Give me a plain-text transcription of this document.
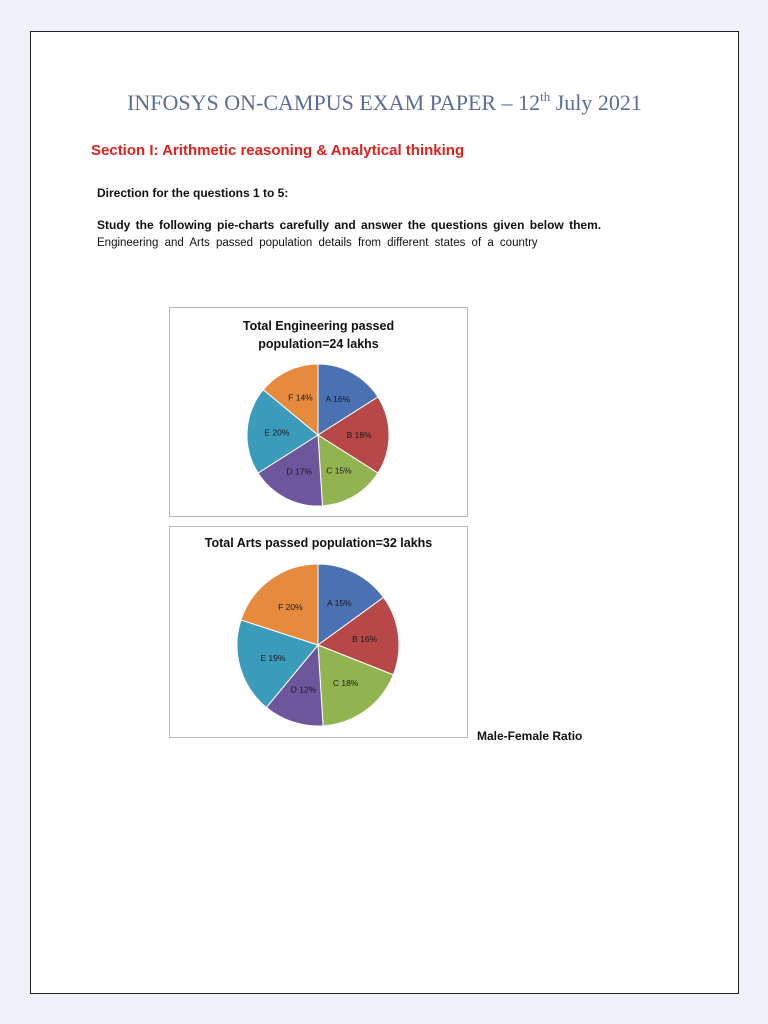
INFOSYS ON-CAMPUS EXAM PAPER – 12th July 2021
Section I: Arithmetic reasoning & Analytical thinking
Direction for the questions 1 to 5:
Study the following pie-charts carefully and answer the questions given below them.
Engineering and Arts passed population details from different states of a country
Total Engineering passed
population=24 lakhs
A 16%
B 18%
C 15%
D 17%
E 20%
F 14%
Total Arts passed population=32 lakhs
A 15%
B 16%
C 18%
D 12%
E 19%
F 20%
Male-Female Ratio
